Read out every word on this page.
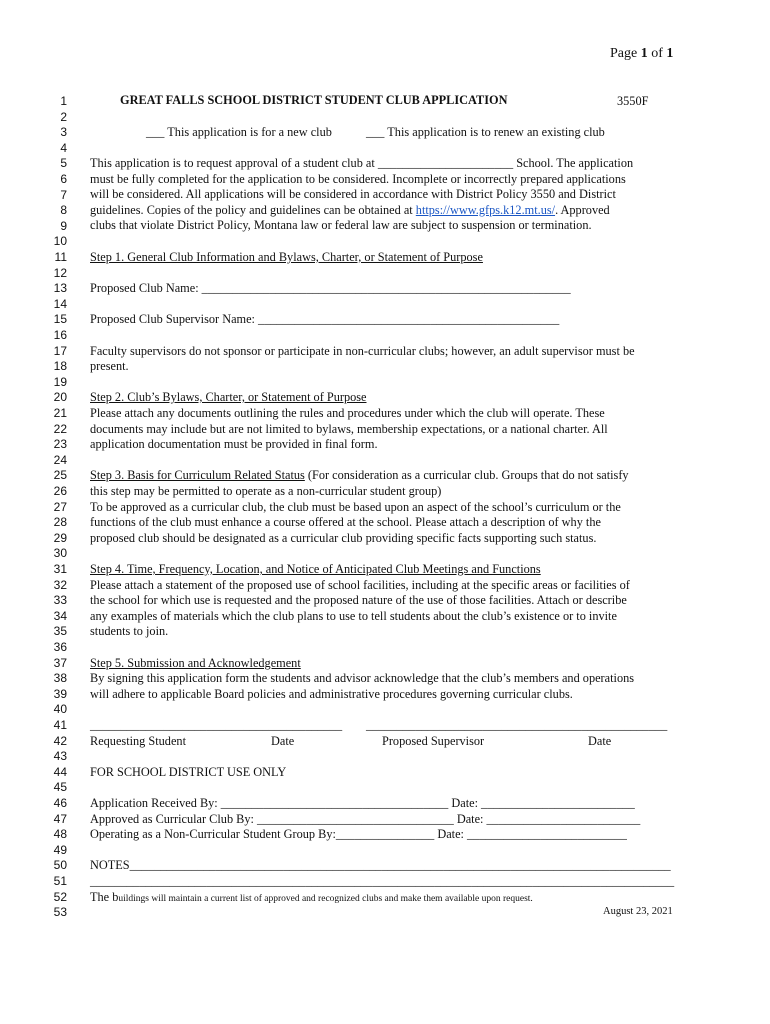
Page 1 of 1
1
2
3
4
5
6
7
8
9
10
11
12
13
14
15
16
17
18
19
20
21
22
23
24
25
26
27
28
29
30
31
32
33
34
35
36
37
38
39
40
41
42
43
44
45
46
47
48
49
50
51
52
53
GREAT FALLS SCHOOL DISTRICT STUDENT CLUB APPLICATION	3550F
___ This application is for a new club	___ This application is to renew an existing club
This application is to request approval of a student club at ______________________ School. The application
must be fully completed for the application to be considered. Incomplete or incorrectly prepared applications
will be considered. All applications will be considered in accordance with District Policy 3550 and District
guidelines. Copies of the policy and guidelines can be obtained at https://www.gfps.k12.mt.us/. Approved
clubs that violate District Policy, Montana law or federal law are subject to suspension or termination.
Step 1. General Club Information and Bylaws, Charter, or Statement of Purpose
Proposed Club Name: ____________________________________________________________
Proposed Club Supervisor Name: _________________________________________________
Faculty supervisors do not sponsor or participate in non-curricular clubs; however, an adult supervisor must be
present.
Step 2. Club’s Bylaws, Charter, or Statement of Purpose
Please attach any documents outlining the rules and procedures under which the club will operate. These
documents may include but are not limited to bylaws, membership expectations, or a national charter. All
application documentation must be provided in final form.
Step 3. Basis for Curriculum Related Status (For consideration as a curricular club. Groups that do not satisfy
this step may be permitted to operate as a non-curricular student group)
To be approved as a curricular club, the club must be based upon an aspect of the school’s curriculum or the
functions of the club must enhance a course offered at the school. Please attach a description of why the
proposed club should be designated as a curricular club providing specific facts supporting such status.
Step 4. Time, Frequency, Location, and Notice of Anticipated Club Meetings and Functions
Please attach a statement of the proposed use of school facilities, including at the specific areas or facilities of
the school for which use is requested and the proposed nature of the use of those facilities. Attach or describe
any examples of materials which the club plans to use to tell students about the club’s existence or to invite
students to join.
Step 5. Submission and Acknowledgement
By signing this application form the students and advisor acknowledge that the club’s members and operations
will adhere to applicable Board policies and administrative procedures governing curricular clubs.
_________________________________________ _________________________________________________
Requesting Student	Date	Proposed Supervisor	Date
FOR SCHOOL DISTRICT USE ONLY
Application Received By: _____________________________________ Date: _________________________
Approved as Curricular Club By: ________________________________ Date: _________________________
Operating as a Non-Curricular Student Group By:________________ Date: __________________________
NOTES________________________________________________________________________________________
_______________________________________________________________________________________________
The buildings will maintain a current list of approved and recognized clubs and make them available upon request.
August 23, 2021
